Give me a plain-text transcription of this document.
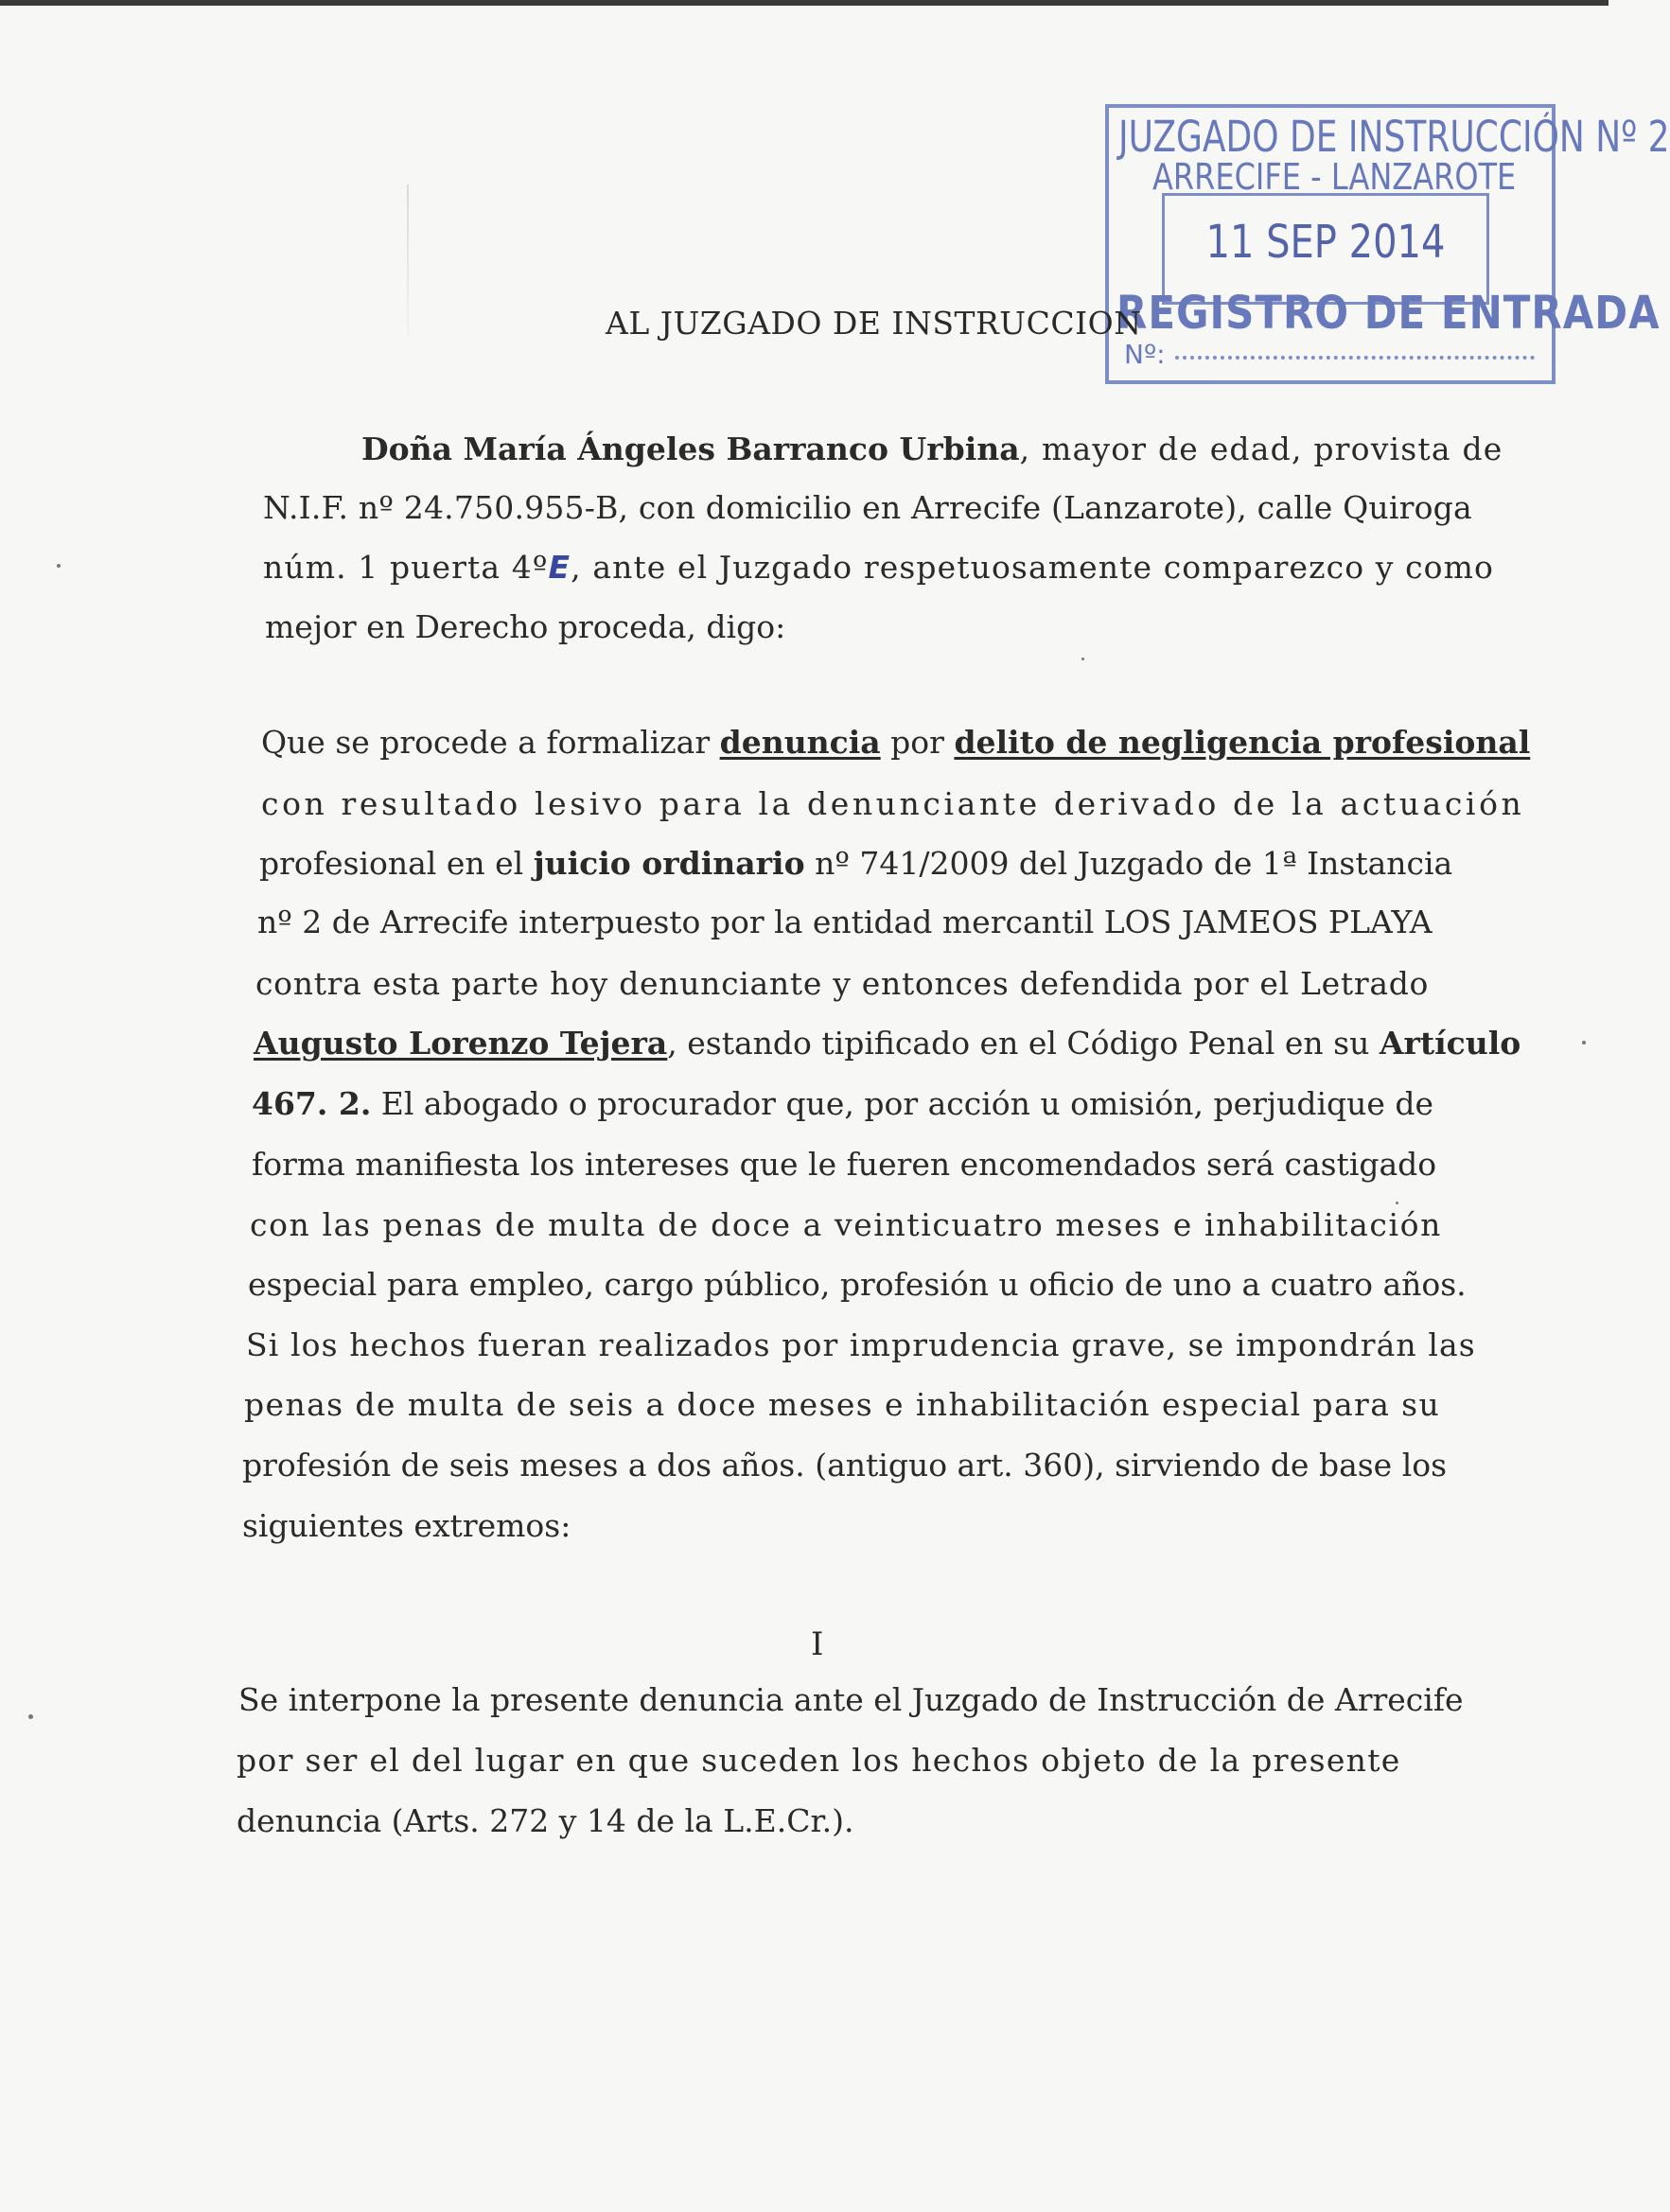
JUZGADO DE INSTRUCCIÓN Nº 2
ARRECIFE - LANZAROTE
11 SEP 2014
REGISTRO DE ENTRADA
Nº:
AL JUZGADO DE INSTRUCCION
Doña María Ángeles Barranco Urbina, mayor de edad, provista de
N.I.F. nº 24.750.955-B, con domicilio en Arrecife (Lanzarote), calle Quiroga
núm. 1 puerta 4ºE, ante el Juzgado respetuosamente comparezco y como
mejor en Derecho proceda, digo:
Que se procede a formalizar denuncia por delito de negligencia profesional
con resultado lesivo para la denunciante derivado de la actuación
profesional en el juicio ordinario nº 741/2009 del Juzgado de 1ª Instancia
nº 2 de Arrecife interpuesto por la entidad mercantil LOS JAMEOS PLAYA
contra esta parte hoy denunciante y entonces defendida por el Letrado
Augusto Lorenzo Tejera, estando tipificado en el Código Penal en su Artículo
467. 2. El abogado o procurador que, por acción u omisión, perjudique de
forma manifiesta los intereses que le fueren encomendados será castigado
con las penas de multa de doce a veinticuatro meses e inhabilitación
especial para empleo, cargo público, profesión u oficio de uno a cuatro años.
Si los hechos fueran realizados por imprudencia grave, se impondrán las
penas de multa de seis a doce meses e inhabilitación especial para su
profesión de seis meses a dos años. (antiguo art. 360), sirviendo de base los
siguientes extremos:
I
Se interpone la presente denuncia ante el Juzgado de Instrucción de Arrecife
por ser el del lugar en que suceden los hechos objeto de la presente
denuncia (Arts. 272 y 14 de la L.E.Cr.).
